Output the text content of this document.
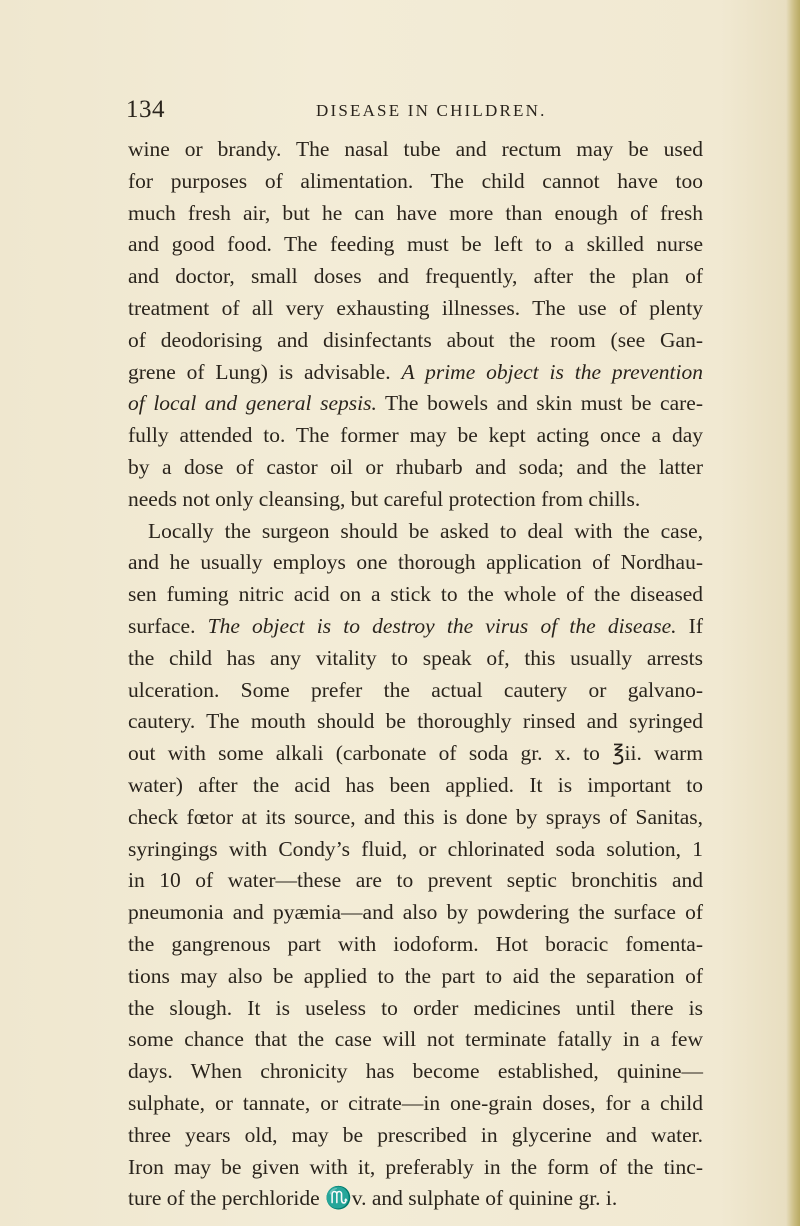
134	DISEASE IN CHILDREN.
wine or brandy. The nasal tube and rectum may be used
for purposes of alimentation. The child cannot have too
much fresh air, but he can have more than enough of fresh
and good food. The feeding must be left to a skilled nurse
and doctor, small doses and frequently, after the plan of
treatment of all very exhausting illnesses. The use of plenty
of deodorising and disinfectants about the room (see Gan-
grene of Lung) is advisable. A prime object is the prevention
of local and general sepsis. The bowels and skin must be care-
fully attended to. The former may be kept acting once a day
by a dose of castor oil or rhubarb and soda; and the latter
needs not only cleansing, but careful protection from chills.
Locally the surgeon should be asked to deal with the case,
and he usually employs one thorough application of Nordhau-
sen fuming nitric acid on a stick to the whole of the diseased
surface. The object is to destroy the virus of the disease. If
the child has any vitality to speak of, this usually arrests
ulceration. Some prefer the actual cautery or galvano-
cautery. The mouth should be thoroughly rinsed and syringed
out with some alkali (carbonate of soda gr. x. to ℥ii. warm
water) after the acid has been applied. It is important to
check fœtor at its source, and this is done by sprays of Sanitas,
syringings with Condy’s fluid, or chlorinated soda solution, 1
in 10 of water—these are to prevent septic bronchitis and
pneumonia and pyæmia—and also by powdering the surface of
the gangrenous part with iodoform. Hot boracic fomenta-
tions may also be applied to the part to aid the separation of
the slough. It is useless to order medicines until there is
some chance that the case will not terminate fatally in a few
days. When chronicity has become established, quinine—
sulphate, or tannate, or citrate—in one-grain doses, for a child
three years old, may be prescribed in glycerine and water.
Iron may be given with it, preferably in the form of the tinc-
ture of the perchloride ♏v. and sulphate of quinine gr. i.
